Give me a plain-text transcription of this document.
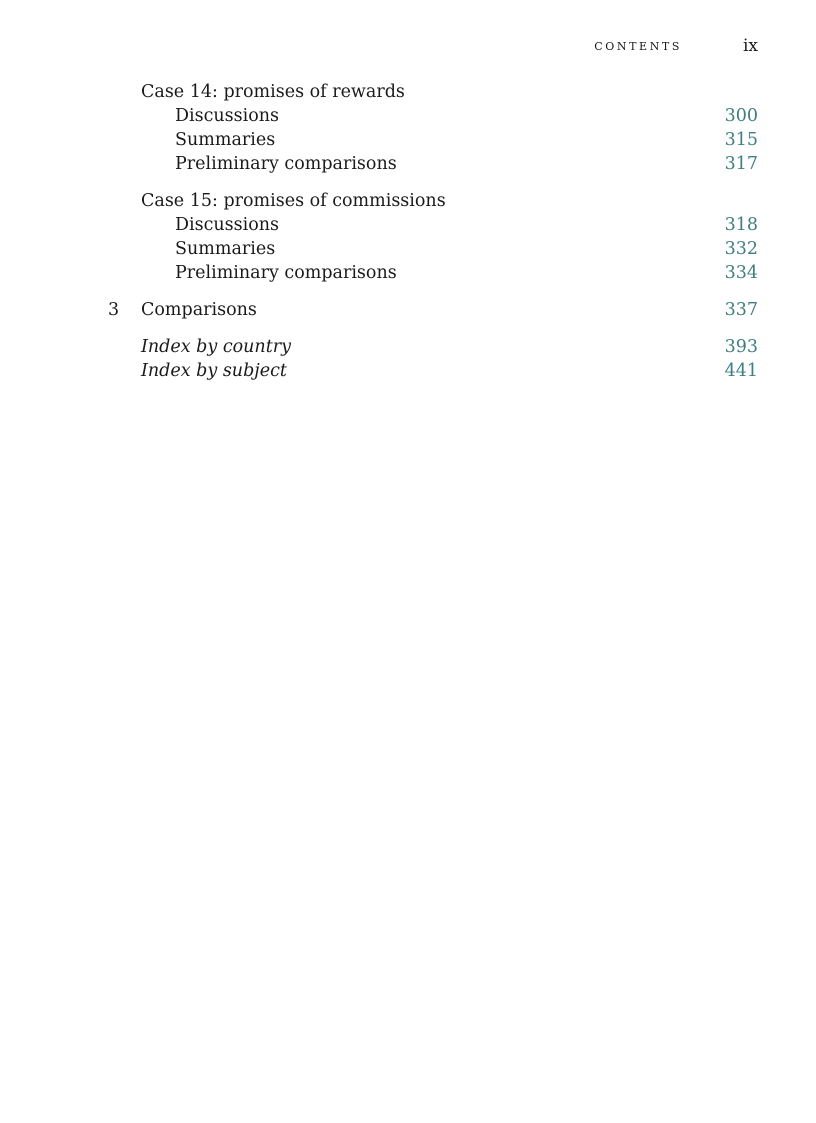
CONTENTS	ix
Case 14: promises of rewards
Discussions	300
Summaries	315
Preliminary comparisons	317
Case 15: promises of commissions
Discussions	318
Summaries	332
Preliminary comparisons	334
3 Comparisons	337
Index by country	393
Index by subject	441
